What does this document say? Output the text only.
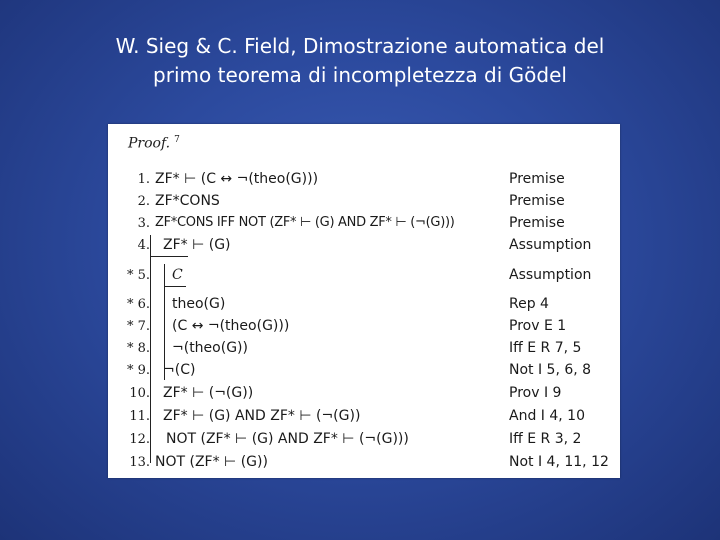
W. Sieg & C. Field, Dimostrazione automatica del
primo teorema di incompletezza di Gödel
Proof. $^7$
1. ZF* ⊢ (C ↔ ¬(theo(G)))	Premise
2. ZF*CONS	Premise
3. ZF*CONS IFF NOT (ZF* ⊢ (G) AND ZF* ⊢ (¬(G)))	Premise
4. ZF* ⊢ (G)	Assumption
* 5. C	Assumption
* 6. theo(G)	Rep 4
* 7. (C ↔ ¬(theo(G)))	Prov E 1
* 8. ¬(theo(G))	Iff E R 7, 5
* 9. ¬(C)	Not I 5, 6, 8
10. ZF* ⊢ (¬(G))	Prov I 9
11. ZF* ⊢ (G) AND ZF* ⊢ (¬(G))	And I 4, 10
12. NOT (ZF* ⊢ (G) AND ZF* ⊢ (¬(G)))	Iff E R 3, 2
13. NOT (ZF* ⊢ (G))	Not I 4, 11, 12
